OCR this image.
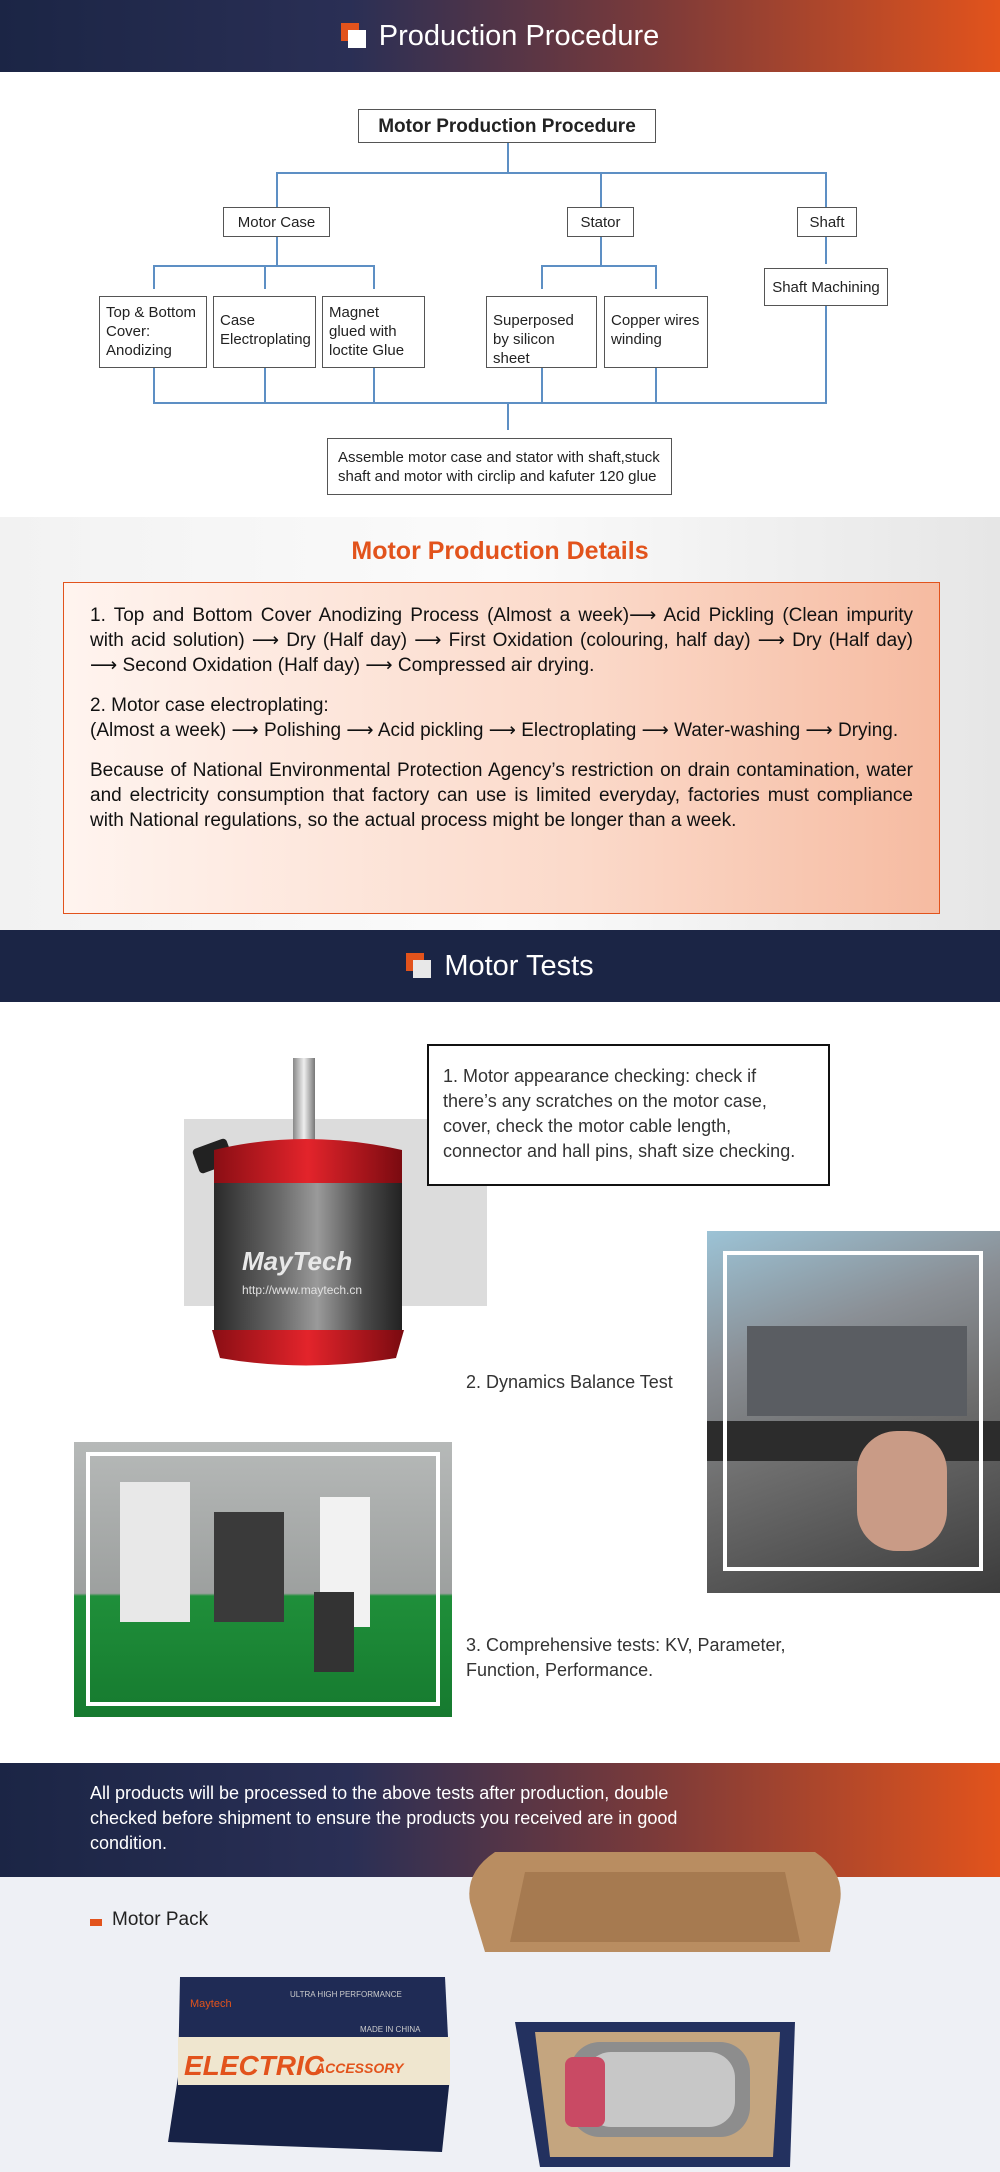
Production Procedure
Motor Production Procedure
Motor Case	Stator	Shaft
Top & Bottom Cover: Anodizing
Case Electroplating
Magnet glued with loctite Glue
Superposed by silicon sheet
Copper wires winding
Shaft Machining
Assemble motor case and stator with shaft,stuck shaft and motor with circlip and kafuter 120 glue
Motor Production Details

1. Top and Bottom Cover Anodizing Process (Almost a week)⟶ Acid Pickling (Clean impurity with acid solution) ⟶ Dry (Half day) ⟶ First Oxidation (colouring, half day) ⟶ Dry (Half day) ⟶ Second Oxidation (Half day) ⟶ Compressed air drying.

2. Motor case electroplating:
(Almost a week) ⟶ Polishing ⟶ Acid pickling ⟶ Electroplating ⟶ Water-washing ⟶ Drying.

Because of National Environmental Protection Agency’s restriction on drain contamination, water and electricity consumption that factory can use is limited everyday, factories must compliance with National regulations, so the actual process might be longer than a week.

Motor Tests
MayTech
http://www.maytech.cn
1. Motor appearance checking: check if there’s any scratches on the motor case, cover, check the motor cable length, connector and hall pins, shaft size checking.
2. Dynamics Balance Test
3. Comprehensive tests: KV, Parameter, Function, Performance.
All products will be processed to the above tests after production, double checked before shipment to ensure the products you received are in good condition.
Motor Pack
Maytech
ULTRA HIGH PERFORMANCE
MADE IN CHINA
ELECTRIC
ACCESSORY
